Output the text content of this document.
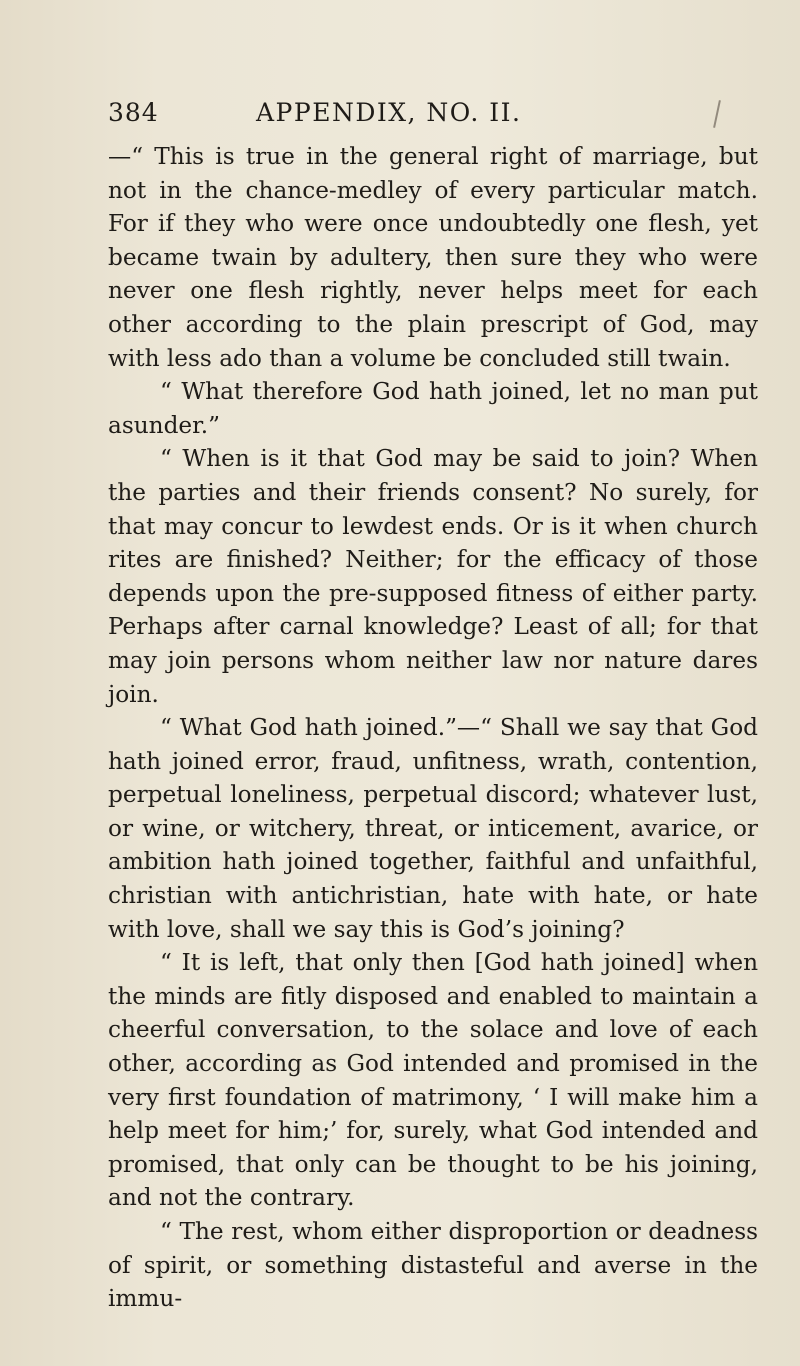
384	APPENDIX, NO. II.

—“ This is true in the general right of marriage, but not in the chance-medley of every particular match. For if they who were once undoubtedly one flesh, yet became twain by adultery, then sure they who were never one flesh rightly, never helps meet for each other according to the plain prescript of God, may with less ado than a volume be concluded still twain.

“ What therefore God hath joined, let no man put asunder.”

“ When is it that God may be said to join? When the parties and their friends consent? No surely, for that may concur to lewdest ends. Or is it when church rites are finished? Neither; for the efficacy of those depends upon the pre-supposed fitness of either party. Perhaps after carnal knowledge? Least of all; for that may join persons whom neither law nor nature dares join.

“ What God hath joined.”—“ Shall we say that God hath joined error, fraud, unfitness, wrath, contention, perpetual loneliness, perpetual discord; whatever lust, or wine, or witchery, threat, or inticement, avarice, or ambition hath joined together, faithful and unfaithful, christian with antichristian, hate with hate, or hate with love, shall we say this is God’s joining?

“ It is left, that only then [God hath joined] when the minds are fitly disposed and enabled to maintain a cheerful conversation, to the solace and love of each other, according as God intended and promised in the very first foundation of matrimony, ‘ I will make him a help meet for him;’ for, surely, what God intended and promised, that only can be thought to be his joining, and not the contrary.

“ The rest, whom either disproportion or deadness of spirit, or something distasteful and averse in the immu-
